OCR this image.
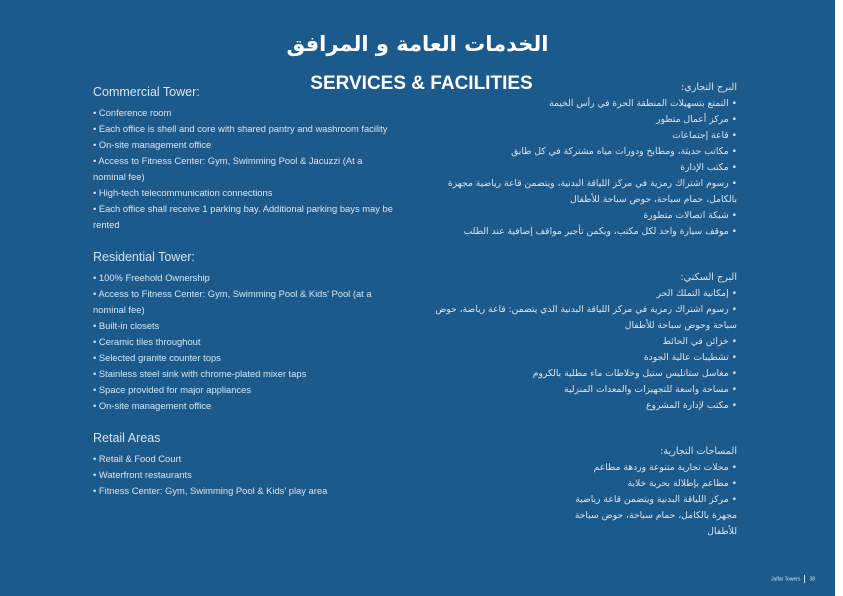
الخدمات العامة و المرافق
SERVICES & FACILITIES
Commercial Tower:
• Conference room
• Each office is shell and core with shared pantry and washroom facility
• On-site management office
• Access to Fitness Center: Gym, Swimming Pool & Jacuzzi (At a nominal fee)
• High-tech telecommunication connections
• Each office shall receive 1 parking bay. Additional parking bays may be rented
Residential Tower:
• 100% Freehold Ownership
• Access to Fitness Center: Gym, Swimming Pool & Kids' Pool (at a nominal fee)
• Built-in closets
• Ceramic tiles throughout
• Selected granite counter tops
• Stainless steel sink with chrome-plated mixer taps
• Space provided for major appliances
• On-site management office
Retail Areas
• Retail & Food Court
• Waterfront restaurants
• Fitness Center: Gym, Swimming Pool & Kids' play area
البرج التجاري:
• التمتع بتسهيلات المنطقة الحرة في رأس الخيمة
• مركز أعمال متطور
• قاعة إجتماعات
• مكاتب حديثة، ومطابخ ودورات مياه مشتركة في كل طابق
• مكتب الإدارة
• رسوم اشتراك رمزية في مركز اللياقة البدنية، ويتضمن قاعة رياضية مجهزة بالكامل، حمام سباحة، حوض سباحة للأطفال
• شبكة اتصالات متطورة
• موقف سيارة واحد لكل مكتب، ويكمن تأجير مواقف إضافية عند الطلب
البرج السكني:
• إمكانية التملك الحر
• رسوم اشتراك رمزية في مركز اللياقة البدنية الذي يتضمن: قاعة رياضة، حوض سباحة وحوض سباحة للأطفال
• خزائن في الحائط
• تشطيبات عالية الجودة
• مغاسل ستانليس ستيل وخلاطات ماء مطلية بالكروم
• مساحة واسعة للتجهيزات والمعدات المنزلية
• مكتب لإدارة المشروع
المساحات التجارية:
• محلات تجارية متنوعة وردهة مطاعم
• مطاعم بإطلالة بحرية خلابة
• مركز اللياقة البدنية ويتضمن قاعة رياضية مجهزة بالكامل، حمام سباحة، حوض سباحة للأطفال
Julfar Towers 38
